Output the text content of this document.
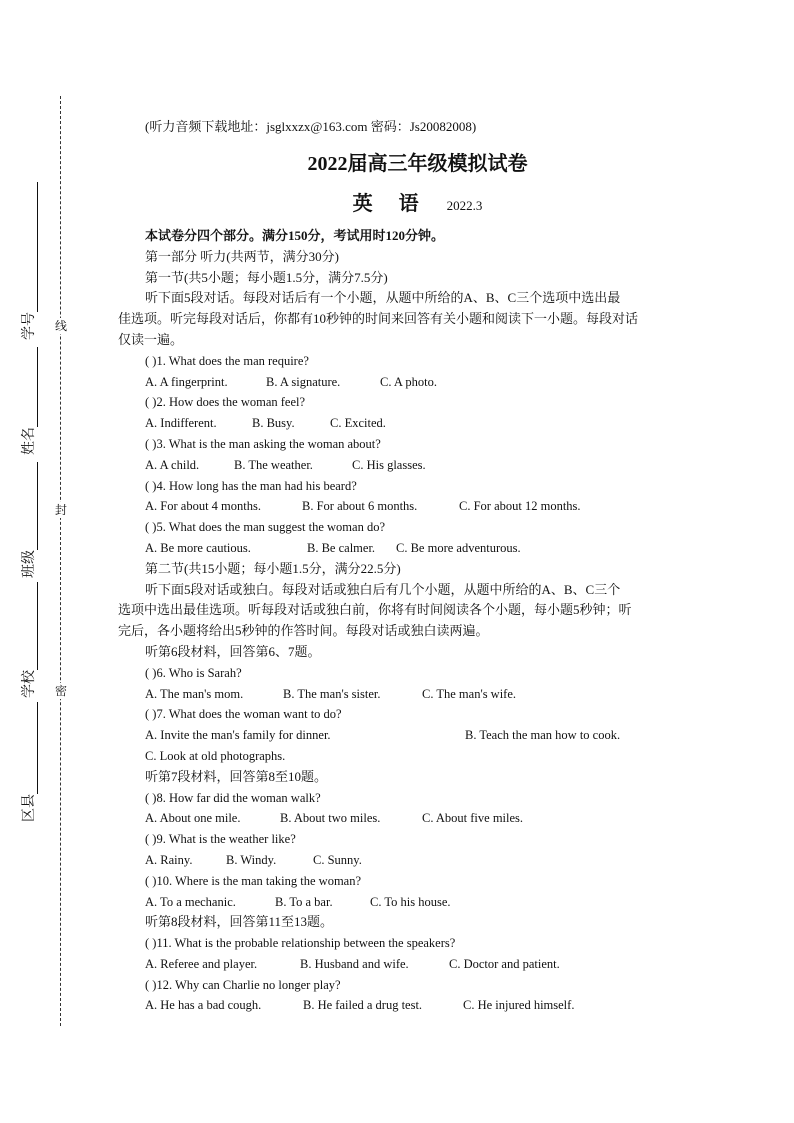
线
封
密
学号
姓名
班级
学校
区县

(听力音频下载地址：jsglxxzx@163.com 密码：Js20082008)

2022届高三年级模拟试卷

英语 2022.3

本试卷分四个部分。满分150分，考试用时120分钟。

第一部分 听力(共两节，满分30分)

第一节(共5小题；每小题1.5分，满分7.5分)

听下面5段对话。每段对话后有一个小题，从题中所给的A、B、C三个选项中选出最

佳选项。听完每段对话后，你都有10秒钟的时间来回答有关小题和阅读下一小题。每段对话

仅读一遍。

( )1. What does the man require?

A. A fingerprint.	B. A signature.	C. A photo.

( )2. How does the woman feel?

A. Indifferent.	B. Busy.	C. Excited.

( )3. What is the man asking the woman about?

A. A child.	B. The weather.	C. His glasses.

( )4. How long has the man had his beard?

A. For about 4 months.	B. For about 6 months.	C. For about 12 months.

( )5. What does the man suggest the woman do?

A. Be more cautious.	B. Be calmer. C. Be more adventurous.

第二节(共15小题；每小题1.5分，满分22.5分)

听下面5段对话或独白。每段对话或独白后有几个小题，从题中所给的A、B、C三个

选项中选出最佳选项。听每段对话或独白前，你将有时间阅读各个小题，每小题5秒钟；听

完后，各小题将给出5秒钟的作答时间。每段对话或独白读两遍。

听第6段材料，回答第6、7题。

( )6. Who is Sarah?

A. The man's mom.	B. The man's sister.	C. The man's wife.

( )7. What does the woman want to do?

A. Invite the man's family for dinner.	B. Teach the man how to cook.
C. Look at old photographs.

听第7段材料，回答第8至10题。

( )8. How far did the woman walk?

A. About one mile.	B. About two miles.	C. About five miles.

( )9. What is the weather like?

A. Rainy.	B. Windy.	C. Sunny.

( )10. Where is the man taking the woman?

A. To a mechanic.	B. To a bar.	C. To his house.

听第8段材料，回答第11至13题。

( )11. What is the probable relationship between the speakers?

A. Referee and player.	B. Husband and wife.	C. Doctor and patient.

( )12. Why can Charlie no longer play?

A. He has a bad cough.	B. He failed a drug test.	C. He injured himself.
